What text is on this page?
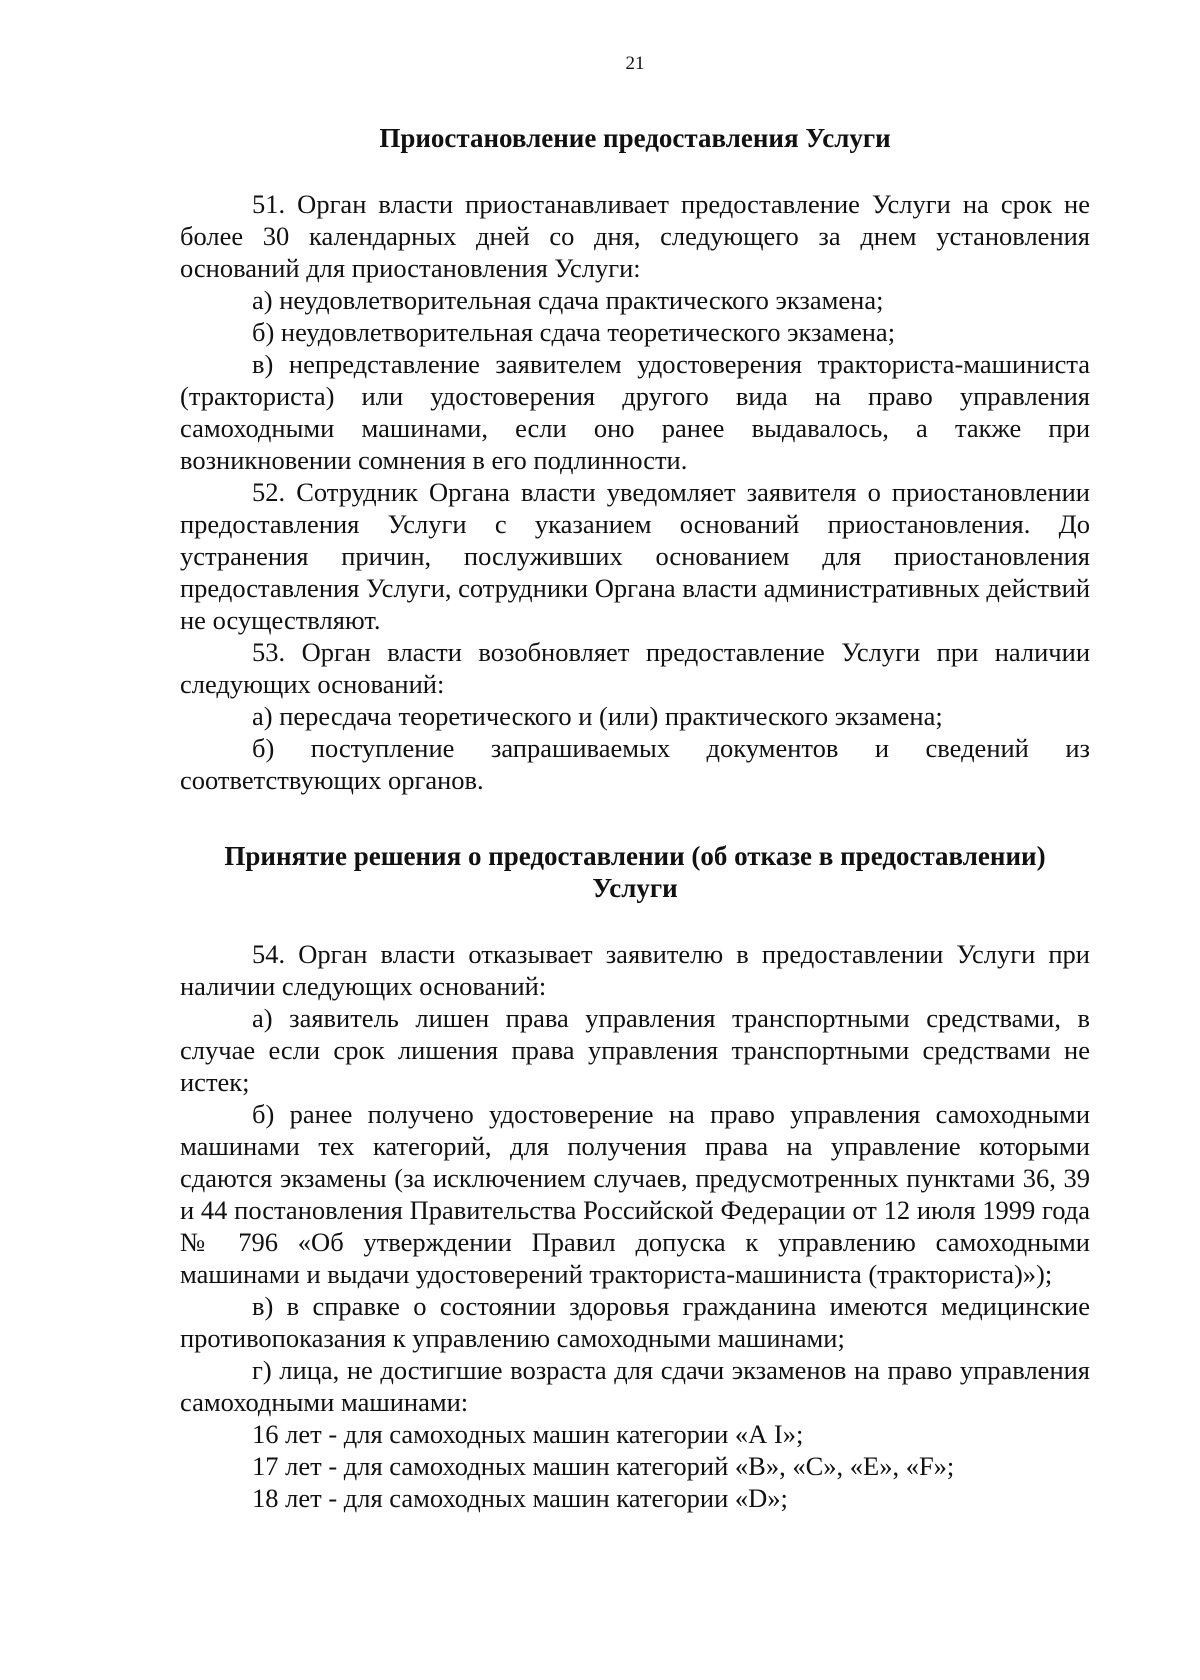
21
Приостановление предоставления Услуги

51. Орган власти приостанавливает предоставление Услуги на срок не более 30 календарных дней со дня, следующего за днем установления оснований для приостановления Услуги:

а) неудовлетворительная сдача практического экзамена;

б) неудовлетворительная сдача теоретического экзамена;

в) непредставление заявителем удостоверения тракториста-машиниста (тракториста) или удостоверения другого вида на право управления самоходными машинами, если оно ранее выдавалось, а также при возникновении сомнения в его подлинности.

52. Сотрудник Органа власти уведомляет заявителя о приостановлении предоставления Услуги с указанием оснований приостановления. До устранения причин, послуживших основанием для приостановления предоставления Услуги, сотрудники Органа власти административных действий не осуществляют.

53. Орган власти возобновляет предоставление Услуги при наличии следующих оснований:

а) пересдача теоретического и (или) практического экзамена;

б) поступление запрашиваемых документов и сведений из соответствующих органов.

Принятие решения о предоставлении (об отказе в предоставлении)
Услуги

54. Орган власти отказывает заявителю в предоставлении Услуги при наличии следующих оснований:

а) заявитель лишен права управления транспортными средствами, в случае если срок лишения права управления транспортными средствами не истек;

б) ранее получено удостоверение на право управления самоходными машинами тех категорий, для получения права на управление которыми сдаются экзамены (за исключением случаев, предусмотренных пунктами 36, 39 и 44 постановления Правительства Российской Федерации от 12 июля 1999 года № 796 «Об утверждении Правил допуска к управлению самоходными машинами и выдачи удостоверений тракториста-машиниста (тракториста)»);

в) в справке о состоянии здоровья гражданина имеются медицинские противопоказания к управлению самоходными машинами;

г) лица, не достигшие возраста для сдачи экзаменов на право управления самоходными машинами:

16 лет - для самоходных машин категории «А I»;

17 лет - для самоходных машин категорий «B», «C», «E», «F»;

18 лет - для самоходных машин категории «D»;
